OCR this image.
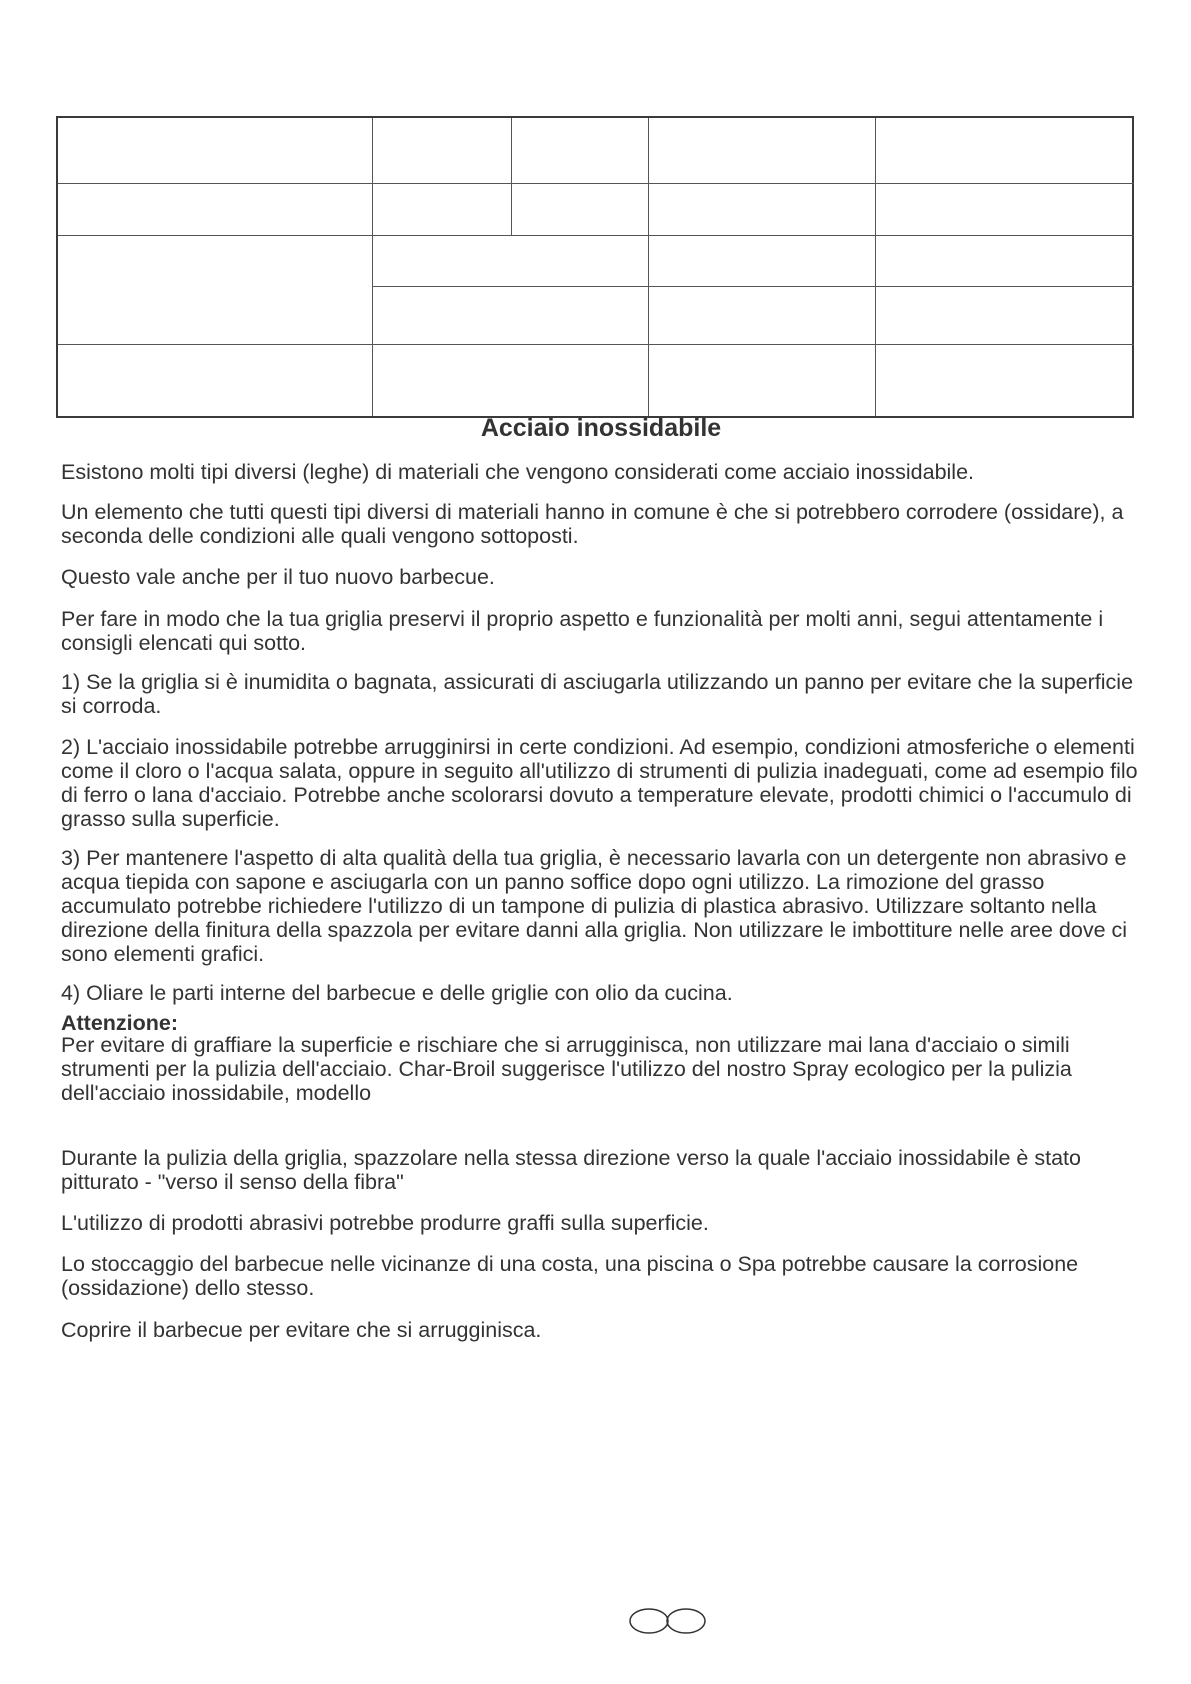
Acciaio inossidabile

Esistono molti tipi diversi (leghe) di materiali che vengono considerati come acciaio inossidabile.

Un elemento che tutti questi tipi diversi di materiali hanno in comune è che si potrebbero corrodere (ossidare), a seconda delle condizioni alle quali vengono sottoposti.

Questo vale anche per il tuo nuovo barbecue.

Per fare in modo che la tua griglia preservi il proprio aspetto e funzionalità per molti anni, segui attentamente i consigli elencati qui sotto.

1) Se la griglia si è inumidita o bagnata, assicurati di asciugarla utilizzando un panno per evitare che la superficie si corroda.

2) L'acciaio inossidabile potrebbe arrugginirsi in certe condizioni. Ad esempio, condizioni atmosferiche o elementi come il cloro o l'acqua salata, oppure in seguito all'utilizzo di strumenti di pulizia inadeguati, come ad esempio filo di ferro o lana d'acciaio. Potrebbe anche scolorarsi dovuto a temperature elevate, prodotti chimici o l'accumulo di grasso sulla superficie.

3) Per mantenere l'aspetto di alta qualità della tua griglia, è necessario lavarla con un detergente non abrasivo e acqua tiepida con sapone e asciugarla con un panno soffice dopo ogni utilizzo. La rimozione del grasso accumulato potrebbe richiedere l'utilizzo di un tampone di pulizia di plastica abrasivo. Utilizzare soltanto nella direzione della finitura della spazzola per evitare danni alla griglia. Non utilizzare le imbottiture nelle aree dove ci sono elementi grafici.

4) Oliare le parti interne del barbecue e delle griglie con olio da cucina.

Attenzione:

Per evitare di graffiare la superficie e rischiare che si arrugginisca, non utilizzare mai lana d'acciaio o simili strumenti per la pulizia dell'acciaio. Char-Broil suggerisce l'utilizzo del nostro Spray ecologico per la pulizia dell'acciaio inossidabile, modello

Durante la pulizia della griglia, spazzolare nella stessa direzione verso la quale l'acciaio inossidabile è stato pitturato - "verso il senso della fibra"

L'utilizzo di prodotti abrasivi potrebbe produrre graffi sulla superficie.

Lo stoccaggio del barbecue nelle vicinanze di una costa, una piscina o Spa potrebbe causare la corrosione (ossidazione) dello stesso.

Coprire il barbecue per evitare che si arrugginisca.
